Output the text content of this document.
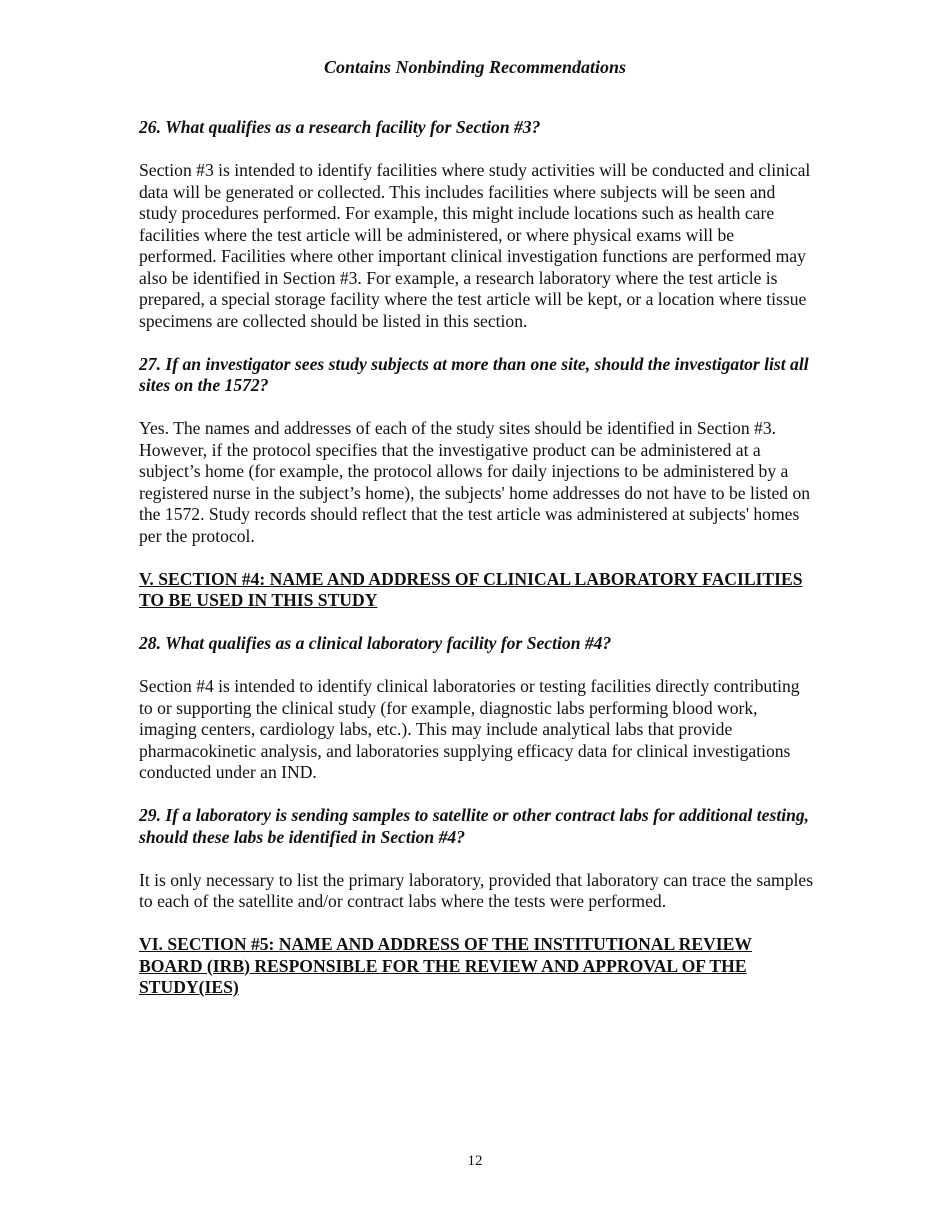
Contains Nonbinding Recommendations
26. What qualifies as a research facility for Section #3?
Section #3 is intended to identify facilities where study activities will be conducted and clinical data will be generated or collected. This includes facilities where subjects will be seen and study procedures performed. For example, this might include locations such as health care facilities where the test article will be administered, or where physical exams will be performed. Facilities where other important clinical investigation functions are performed may also be identified in Section #3. For example, a research laboratory where the test article is prepared, a special storage facility where the test article will be kept, or a location where tissue specimens are collected should be listed in this section.
27. If an investigator sees study subjects at more than one site, should the investigator list all sites on the 1572?
Yes. The names and addresses of each of the study sites should be identified in Section #3. However, if the protocol specifies that the investigative product can be administered at a subject’s home (for example, the protocol allows for daily injections to be administered by a registered nurse in the subject’s home), the subjects' home addresses do not have to be listed on the 1572. Study records should reflect that the test article was administered at subjects' homes per the protocol.
V. SECTION #4: NAME AND ADDRESS OF CLINICAL LABORATORY FACILITIES TO BE USED IN THIS STUDY
28. What qualifies as a clinical laboratory facility for Section #4?
Section #4 is intended to identify clinical laboratories or testing facilities directly contributing to or supporting the clinical study (for example, diagnostic labs performing blood work, imaging centers, cardiology labs, etc.). This may include analytical labs that provide pharmacokinetic analysis, and laboratories supplying efficacy data for clinical investigations conducted under an IND.
29. If a laboratory is sending samples to satellite or other contract labs for additional testing, should these labs be identified in Section #4?
It is only necessary to list the primary laboratory, provided that laboratory can trace the samples to each of the satellite and/or contract labs where the tests were performed.
VI. SECTION #5: NAME AND ADDRESS OF THE INSTITUTIONAL REVIEW BOARD (IRB) RESPONSIBLE FOR THE REVIEW AND APPROVAL OF THE STUDY(IES)
12
